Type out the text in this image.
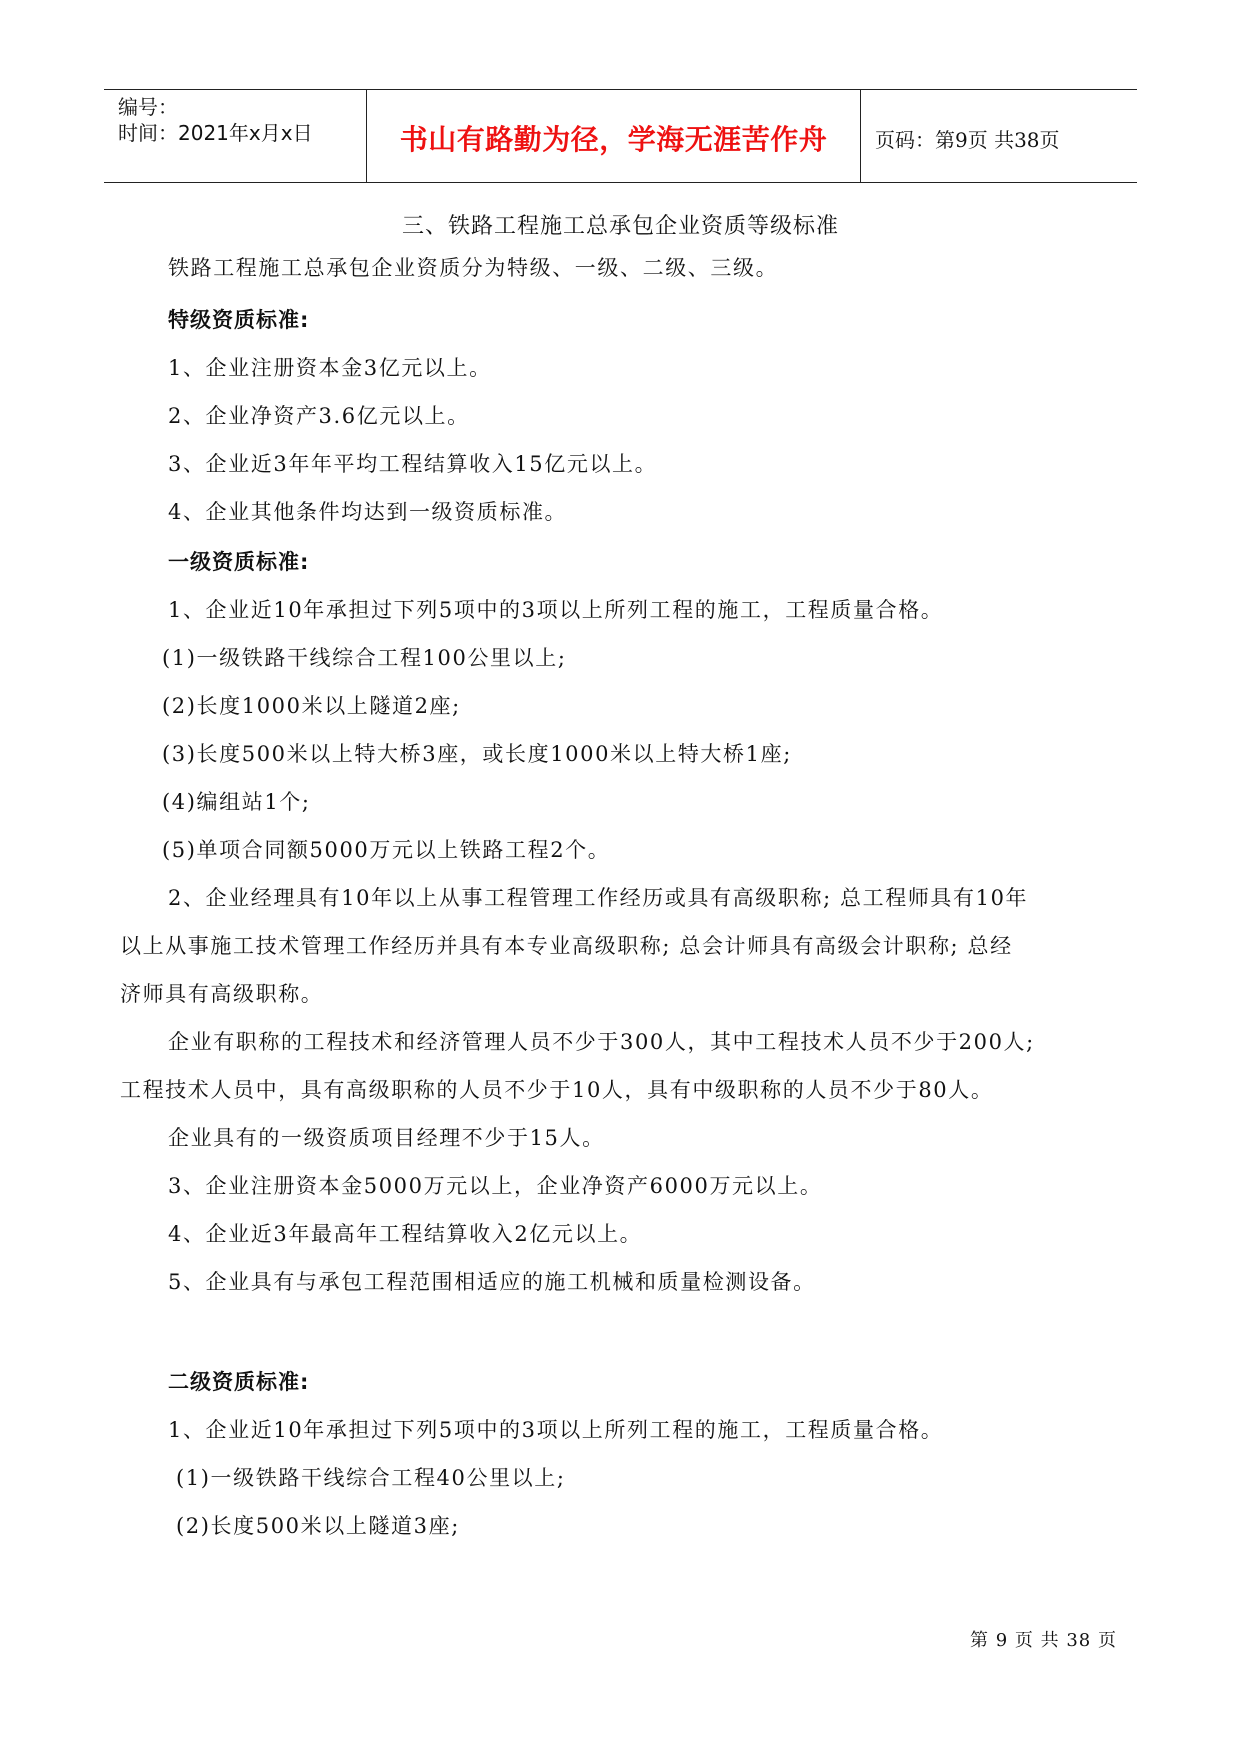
编号：
时间：2021年x月x日	书山有路勤为径，学海无涯苦作舟	页码：第9页 共38页
三、铁路工程施工总承包企业资质等级标准
铁路工程施工总承包企业资质分为特级、一级、二级、三级。
特级资质标准:
1、企业注册资本金3亿元以上。
2、企业净资产3.6亿元以上。
3、企业近3年年平均工程结算收入15亿元以上。
4、企业其他条件均达到一级资质标准。
一级资质标准:
1、企业近10年承担过下列5项中的3项以上所列工程的施工，工程质量合格。
(1)一级铁路干线综合工程100公里以上;
(2)长度1000米以上隧道2座;
(3)长度500米以上特大桥3座，或长度1000米以上特大桥1座;
(4)编组站1个;
(5)单项合同额5000万元以上铁路工程2个。
2、企业经理具有10年以上从事工程管理工作经历或具有高级职称; 总工程师具有10年
以上从事施工技术管理工作经历并具有本专业高级职称; 总会计师具有高级会计职称; 总经
济师具有高级职称。
企业有职称的工程技术和经济管理人员不少于300人，其中工程技术人员不少于200人;
工程技术人员中，具有高级职称的人员不少于10人，具有中级职称的人员不少于80人。
企业具有的一级资质项目经理不少于15人。
3、企业注册资本金5000万元以上，企业净资产6000万元以上。
4、企业近3年最高年工程结算收入2亿元以上。
5、企业具有与承包工程范围相适应的施工机械和质量检测设备。
二级资质标准:
1、企业近10年承担过下列5项中的3项以上所列工程的施工，工程质量合格。
(1)一级铁路干线综合工程40公里以上;
(2)长度500米以上隧道3座;
第 9 页 共 38 页
